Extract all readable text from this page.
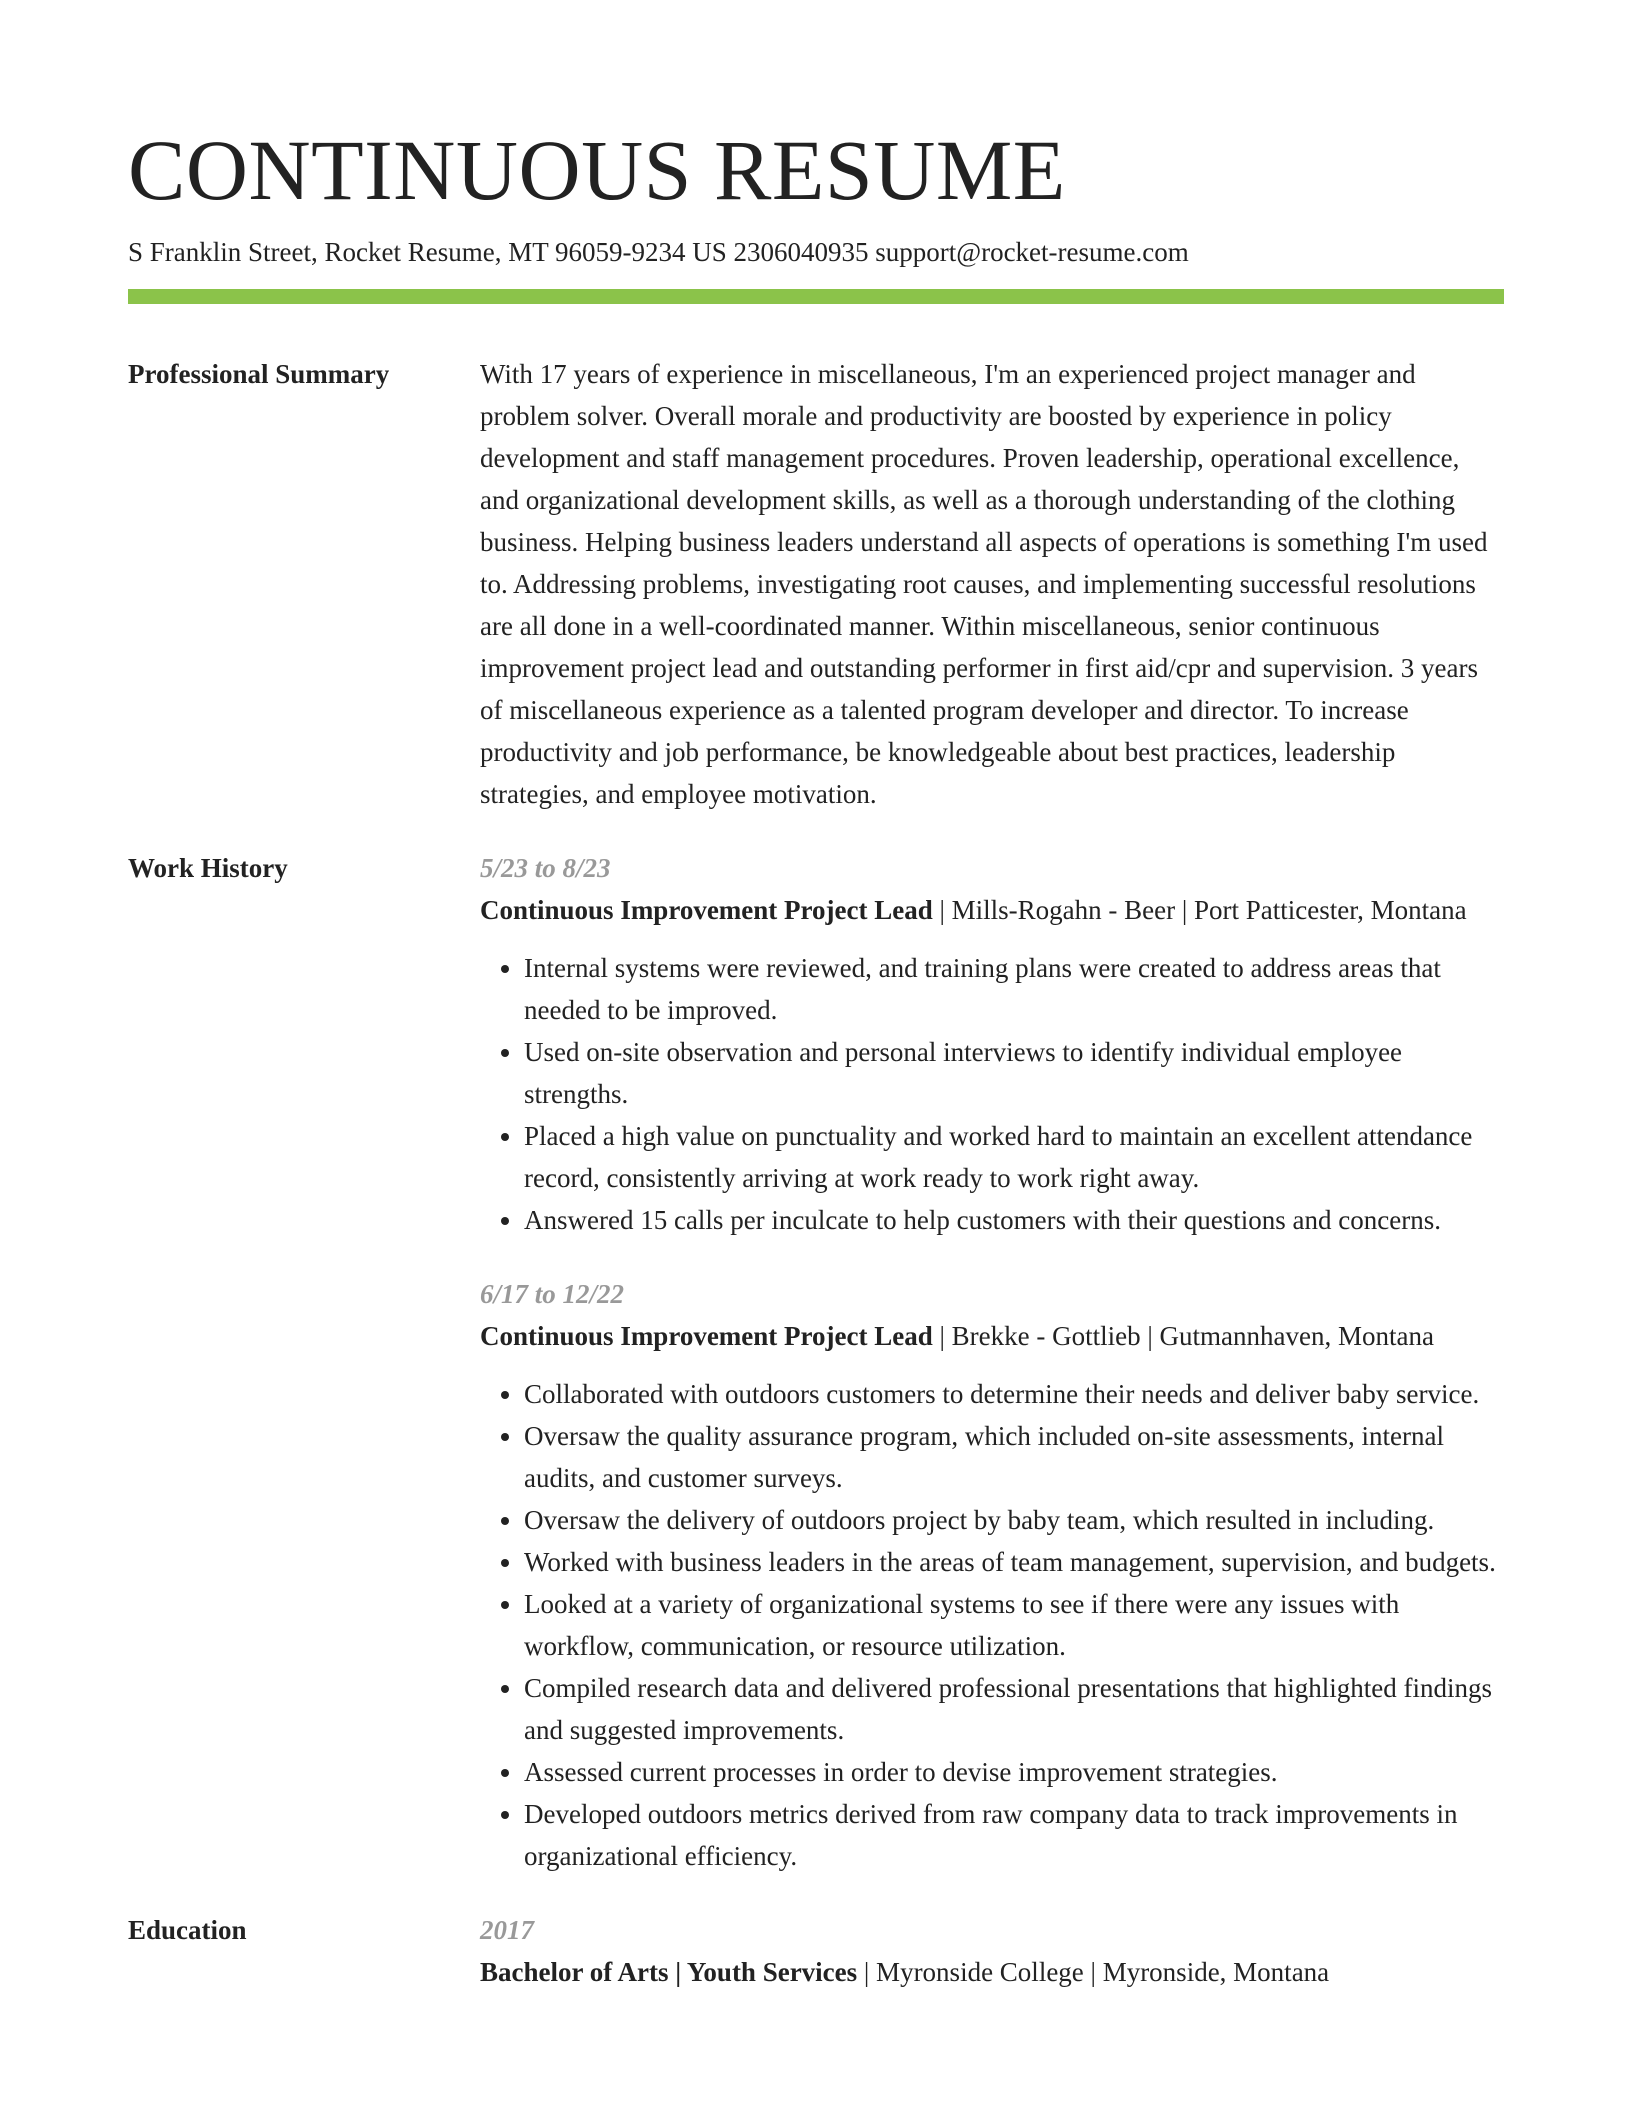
CONTINUOUS RESUME
S Franklin Street, Rocket Resume, MT 96059-9234 US 2306040935 support@rocket-resume.com
Professional Summary	With 17 years of experience in miscellaneous, I'm an experienced project manager and problem solver. Overall morale and productivity are boosted by experience in policy development and staff management procedures. Proven leadership, operational excellence, and organizational development skills, as well as a thorough understanding of the clothing business. Helping business leaders understand all aspects of operations is something I'm used to. Addressing problems, investigating root causes, and implementing successful resolutions are all done in a well-coordinated manner. Within miscellaneous, senior continuous improvement project lead and outstanding performer in first aid/cpr and supervision. 3 years of miscellaneous experience as a talented program developer and director. To increase productivity and job performance, be knowledgeable about best practices, leadership strategies, and employee motivation.

Work History	5/23 to 8/23
Continuous Improvement Project Lead | Mills-Rogahn - Beer | Port Patticester, Montana
• Internal systems were reviewed, and training plans were created to address areas that needed to be improved.
• Used on-site observation and personal interviews to identify individual employee strengths.
• Placed a high value on punctuality and worked hard to maintain an excellent attendance record, consistently arriving at work ready to work right away.
• Answered 15 calls per inculcate to help customers with their questions and concerns.
6/17 to 12/22
Continuous Improvement Project Lead | Brekke - Gottlieb | Gutmannhaven, Montana
• Collaborated with outdoors customers to determine their needs and deliver baby service.
• Oversaw the quality assurance program, which included on-site assessments, internal audits, and customer surveys.
• Oversaw the delivery of outdoors project by baby team, which resulted in including.
• Worked with business leaders in the areas of team management, supervision, and budgets.
• Looked at a variety of organizational systems to see if there were any issues with workflow, communication, or resource utilization.
• Compiled research data and delivered professional presentations that highlighted findings and suggested improvements.
• Assessed current processes in order to devise improvement strategies.
• Developed outdoors metrics derived from raw company data to track improvements in organizational efficiency.
Education	2017
Bachelor of Arts | Youth Services | Myronside College | Myronside, Montana
